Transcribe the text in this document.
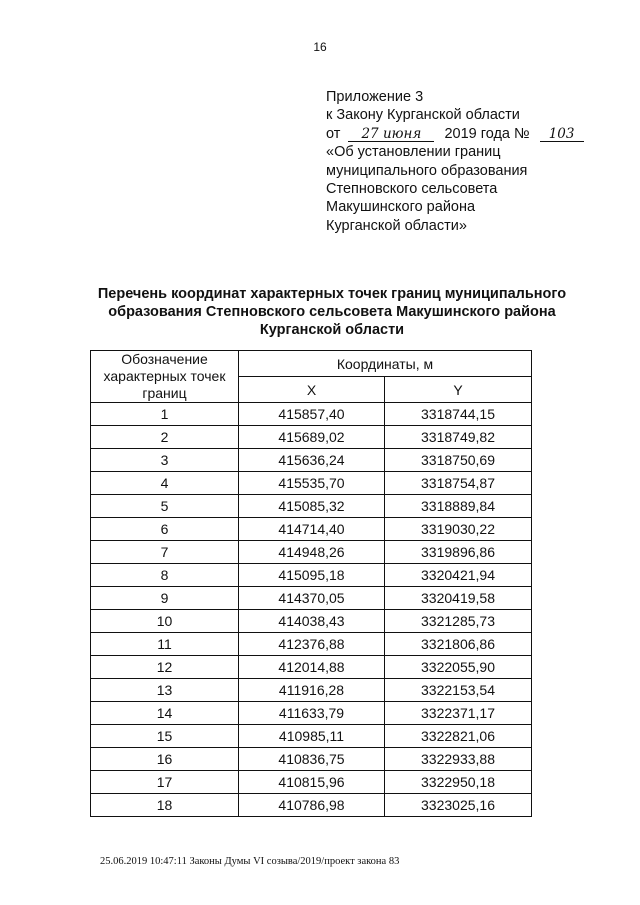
16
Приложение 3
к Закону Курганской области
от 27 июня 2019 года № 103
«Об установлении границ
муниципального образования
Степновского сельсовета
Макушинского района
Курганской области»
Перечень координат характерных точек границ муниципального
образования Степновского сельсовета Макушинского района
Курганской области
Обозначение
характерных точек
границ	Координаты, м	
	X	Y
1	415857,40	3318744,15
2	415689,02	3318749,82
3	415636,24	3318750,69
4	415535,70	3318754,87
5	415085,32	3318889,84
6	414714,40	3319030,22
7	414948,26	3319896,86
8	415095,18	3320421,94
9	414370,05	3320419,58
10	414038,43	3321285,73
11	412376,88	3321806,86
12	412014,88	3322055,90
13	411916,28	3322153,54
14	411633,79	3322371,17
15	410985,11	3322821,06
16	410836,75	3322933,88
17	410815,96	3322950,18
18	410786,98	3323025,16
25.06.2019 10:47:11 Законы Думы VI созыва/2019/проект закона 83
